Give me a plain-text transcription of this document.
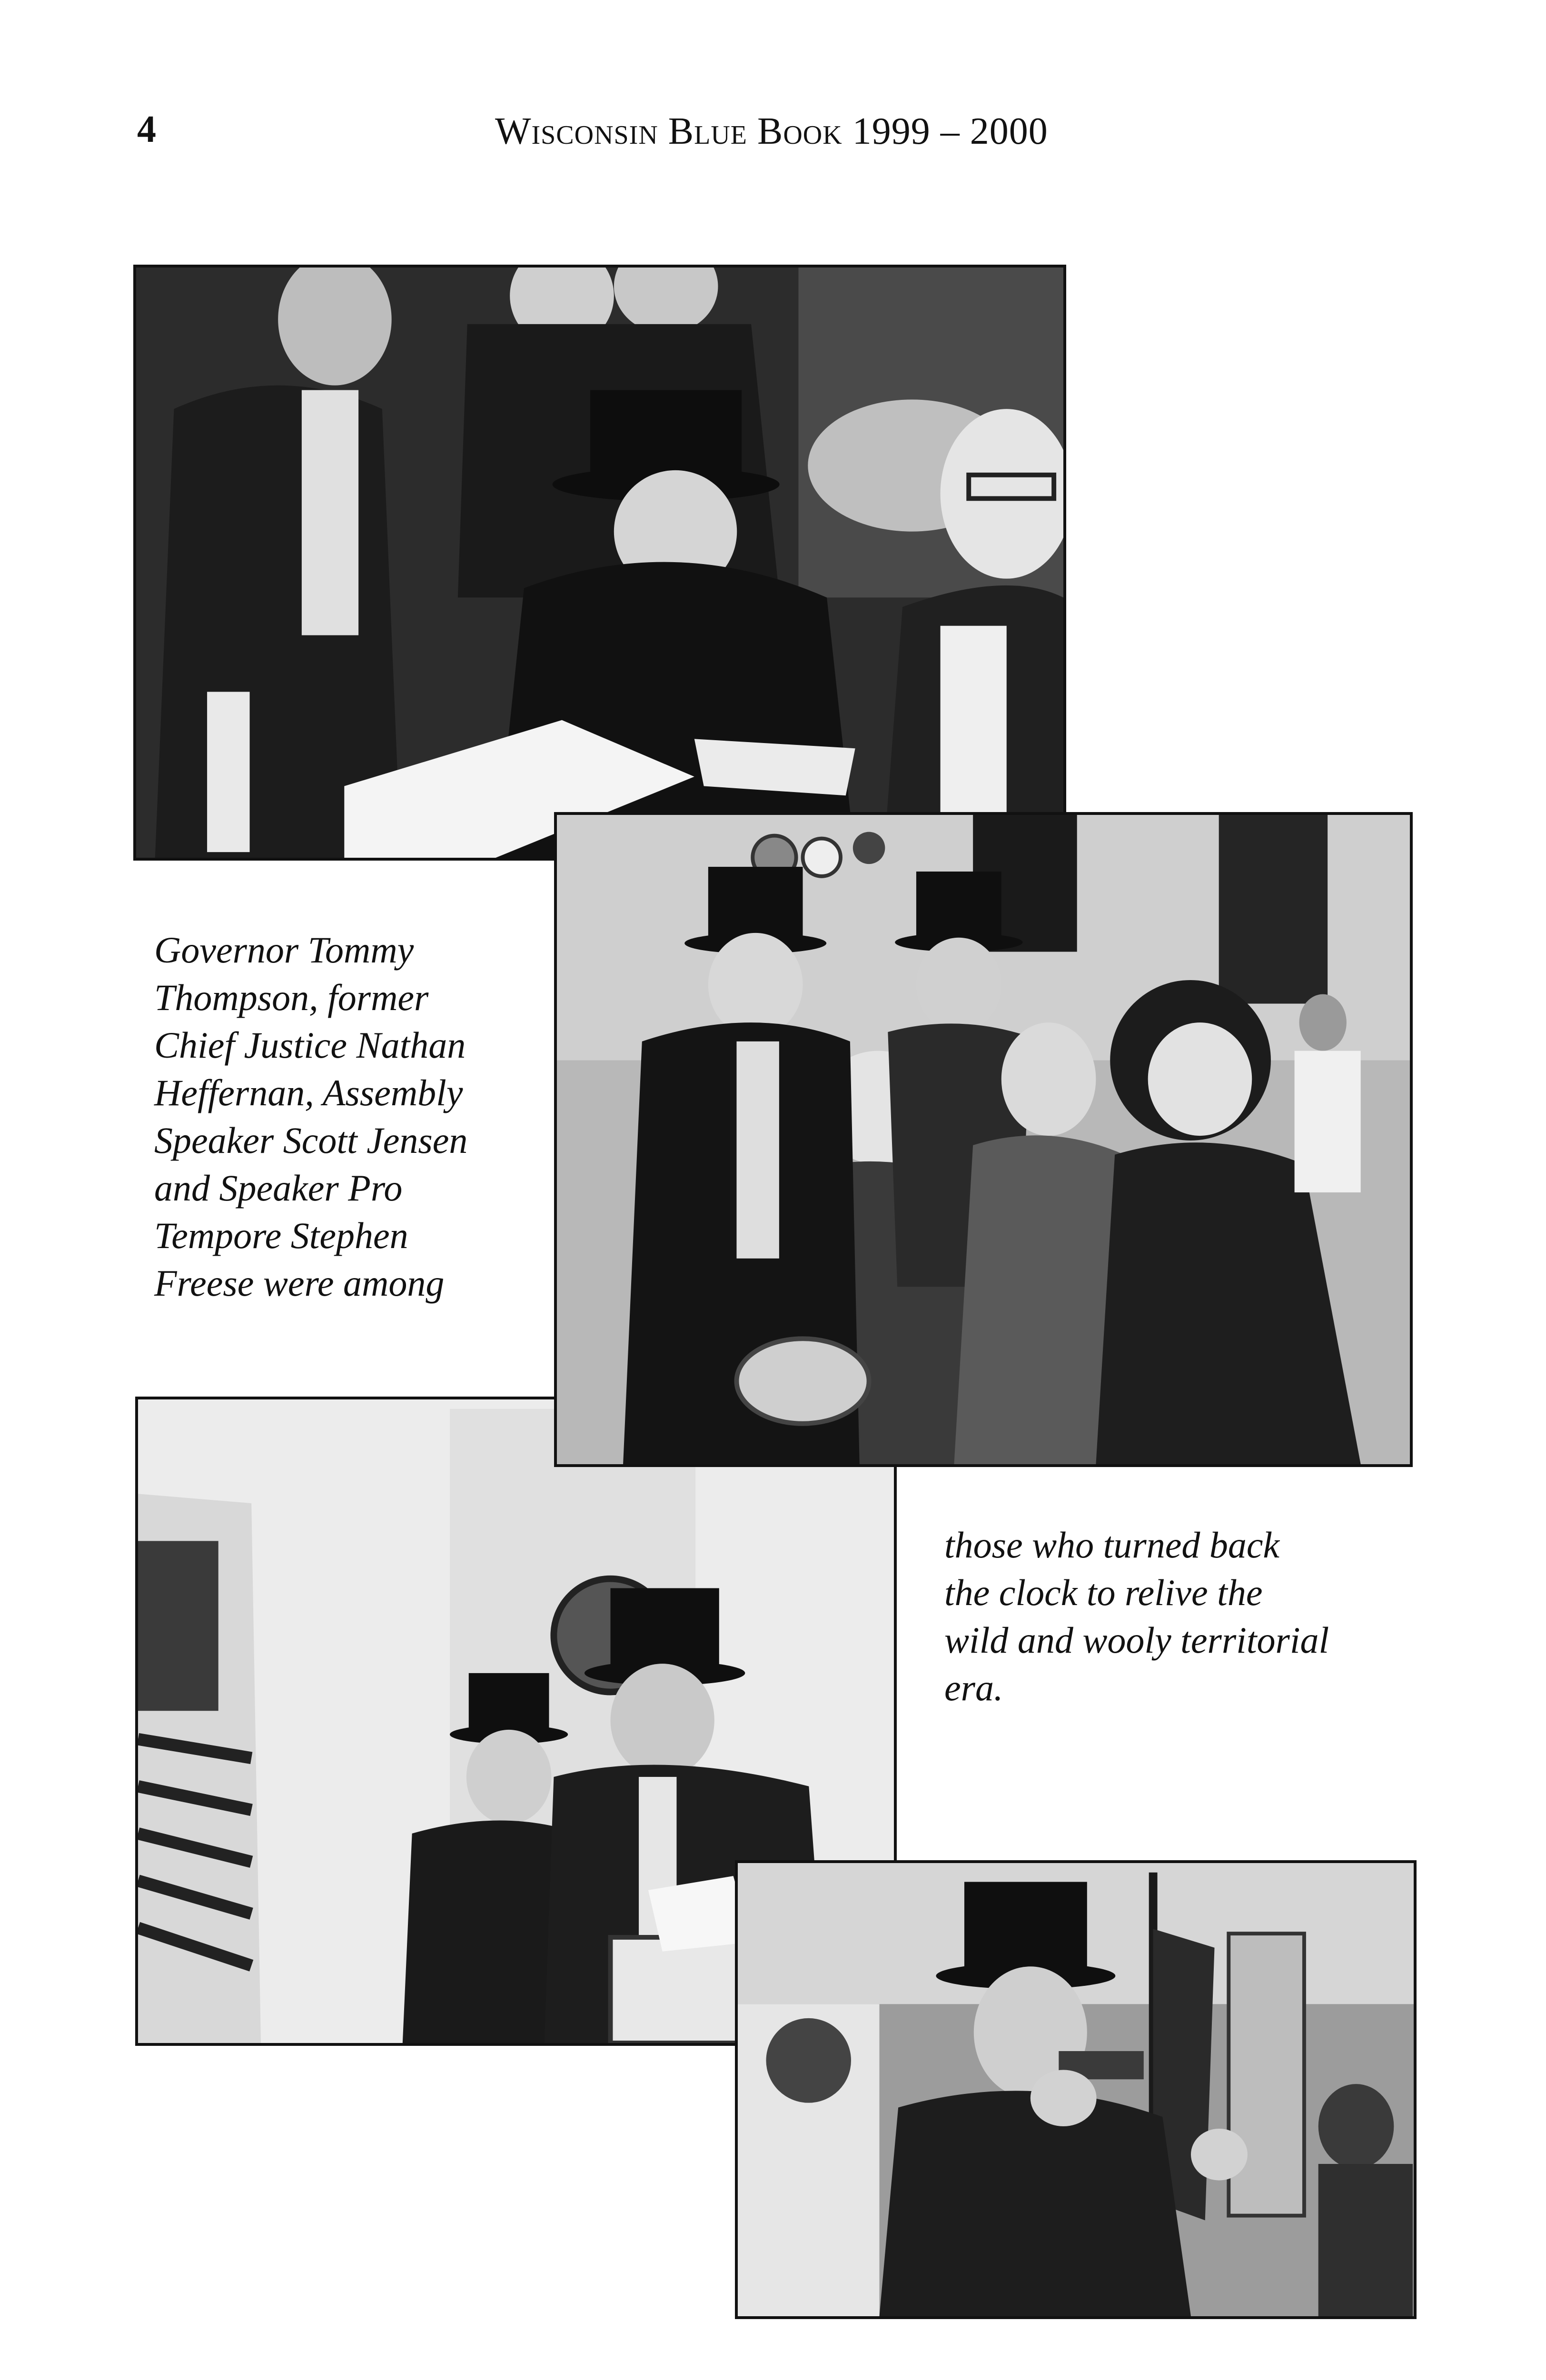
4	Wisconsin Blue Book 1999 – 2000
Governor Tommy
Thompson, former
Chief Justice Nathan
Heffernan, Assembly
Speaker Scott Jensen
and Speaker Pro
Tempore Stephen
Freese were among
those who turned back
the clock to relive the
wild and wooly territorial
era.
